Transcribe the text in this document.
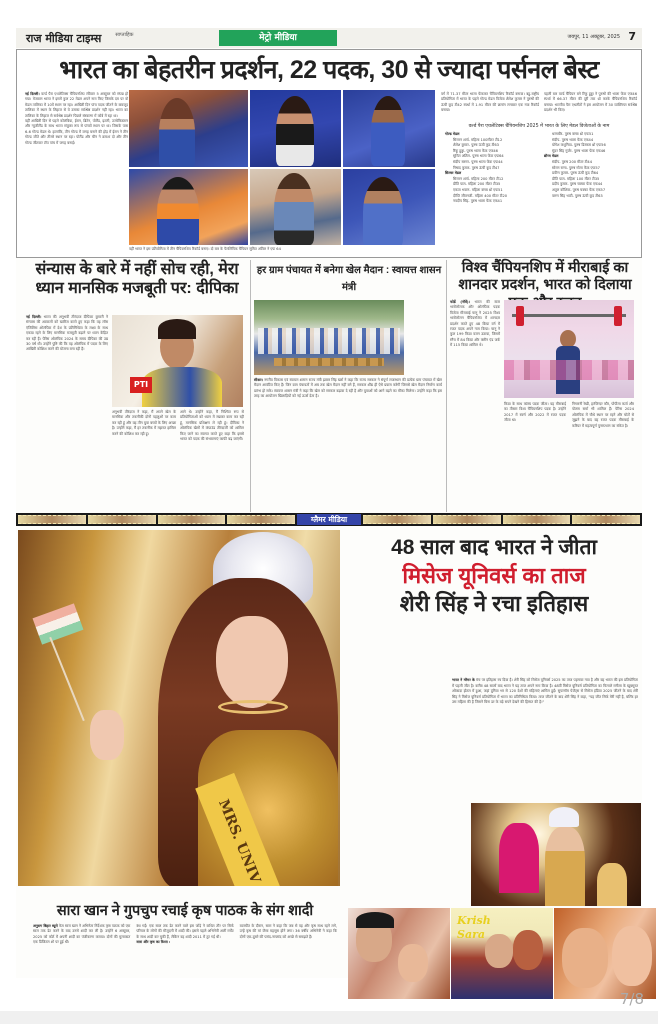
राज मीडिया टाइम्स	साप्ताहिक	मेट्रो मीडिया	जयपुर, 11 अक्टूबर, 2025 7
भारत का बेहतरीन प्रदर्शन, 22 पदक, 30 से ज्यादा पर्सनल बेस्ट
नई दिल्ली। वर्ल्ड पैरा एथलेटिक्स चैंपियनशिप रविवार 5 अक्टूबर को संपन्न हो गया। मेजबान भारत ने इसमें कुल 22 मेडल अपने नाम किए जिसके दम पर वो मेडल तालिका में 10वें स्थान पर रहा। आखिरी दिन पांच पदक जीतने के बावजूद तालिका में स्थान के लिहाज से ये उसका सर्वश्रेष्ठ प्रदर्शन नहीं रहा। भारत का तालिका के लिहाज से सर्वश्रेष्ठ प्रदर्शन पिछले संस्करण में कोबे में रहा था।
वहीं आखिरी दिन से पहले कोलंबिया, ईरान, ब्रिटेन, पोलैंड, इटली, उज्बेकिस्तान और न्यूजीलैंड के साथ भारत संयुक्त रूप से पांचवें स्थान पर था। जिसके पास 6-6 गोल्ड मेडल थे। हालांकि, तीन गोल्ड में जगह बनाने की होड़ में ईरान ने तीन गोल्ड जीते और तीसरे स्थान पर रहा। पोलैंड और चीन ने क्रमशः दो और तीन गोल्ड जीतकर टॉप पांच में जगह बनाई।
वहीं भारत ने इस प्रतियोगिता में तीन चैंपियनशिप रिकॉर्ड बनाए। दो बार के पैरालिंपिक चैंपियन सुमित अंतिल ने एफ 64
वर्ग में 71.37 मीटर भाला फेंककर चैंपियनशिप रिकॉर्ड बनाया। बहु-राष्ट्रीय प्रतियोगिता में भारत के पहले गोल्ड मेडल विजेता शैलेश कुमार ने पुरुषों की ऊंची कूद टी42 स्पर्धा में 1.91 मीटर की छलांग लगाकर एक नया रिकॉर्ड बनाया।
पहली बार वर्ल्ड चैंपियन बने रिंकू हुड्डा ने पुरुषों की भाला फेंक एफ46 स्पर्धा में 66.37 मीटर की दूरी तक थ्रो करके चैंपियनशिप रिकॉर्ड बनाया। भारतीय पैरा एथलीटों ने इस आयोजन में 30 व्यक्तिगत सर्वश्रेष्ठ प्रदर्शन भी किए।
वर्ल्ड पैरा एथलेटिक्स चैंपियनशिप 2025 में भारत के लिए मेडल विजेताओं के नाम
गोल्ड मेडल
सिमरन शर्मा- महिला 100मीटर टी12
शैलेश कुमार- पुरुष ऊंची कूद टी63
रिंकू हुड्डा- पुरुष भाला फेंक एफ46
सुमित अंतिल- पुरुष भाला फेंक एफ64
संदीप सरगर- पुरुष भाला फेंक एफ44
निषाद कुमार- पुरुष ऊंची कूद टी47
सिल्वर मेडल
सिमरन शर्मा- महिला 200 मीटर टी12
प्रीति पाल- महिला 200 मीटर टी35
एकता भयान- महिला क्लब थ्रो एफ51
दीप्ति जीवनजी- महिला 400 मीटर टी20
नवदीप सिंह- पुरुष भाला फेंक एफ41
धरमबीर- पुरुष क्लब थ्रो एफ51
संदीप- पुरुष भाला फेंक एफ44
योगेश कथूनिया- पुरुष डिस्कस थ्रो एफ56
सुंदर सिंह गुर्जर- पुरुष भाला फेंक एफ46
ब्रॉन्ज मेडल
संदीप- पुरुष 200 मीटर टी44
सोमन राणा- पुरुष गोला फेंक एफ57
प्रवीण कुमार- पुरुष ऊंची कूद टी64
प्रीति पाल- महिला 100 मीटर टी35
प्रदीप कुमार- पुरुष चक्का फेंक एफ44
अतुल कौशिक- पुरुष चक्का फेंक एफ57
वरुण सिंह भाटी- पुरुष ऊंची कूद टी63
संन्यास के बारे में नहीं सोच रही, मेरा ध्यान मानसिक मजबूती पर: दीपिका
नई दिल्ली। भारत की अनुभवी तीरंदाज दीपिका कुमारी ने संन्यास की अटकलों को खारिज करते हुए कहा कि वह लॉस एंजिलिस ओलंपिक में देश के प्रतिनिधित्व के लक्ष्य के साथ एकाग्र रहने के लिए मानसिक मजबूती बढ़ाने पर ध्यान केंद्रित कर रही हैं। पेरिस ओलंपिक 2024 के समय दीपिका की उम्र 30 वर्ष थी। उन्होंने पुष्टि की कि वह ओलंपिक में पदक के लिए आखिरी कोशिश करने की योजना बना रही हैं।
PTI
अनुभवी तीरंदाज ने कहा, मैं अपने खेल के मानसिक और तकनीकी दोनों पहलुओं पर काम कर रही हूं और यह तीन युवा बच्चों के लिए अच्छा है। उन्होंने कहा, मैं हर तकनीक में महारत हासिल करने की कोशिश कर रही हूं।
आगे थे। उन्होंने कहा, मैं निश्चित रूप से प्रतियोगिताओं को ध्यान में रखकर काम कर रही हूं, मानसिक प्रशिक्षण ले रही हूं। दीपिका ने ओलंपिक खेलों में कंपाउंड तीरंदाजी को शामिल किए जाने का स्वागत करते हुए कहा कि इससे भारत को पदक की संभावनाएं काफी बढ़ जाएंगी।
हर ग्राम पंचायत में बनेगा खेल मैदान : स्वायत्त शासन मंत्री
सीकर। नगरीय विकास एवं स्वायत्त शासन राज्य मंत्री झाबर सिंह खर्रा ने कहा कि राज्य सरकार ने संपूर्ण राजस्थान की प्रत्येक ग्राम पंचायत में खेल मैदान आवंटित किए हैं। जिन ग्राम पंचायतों में अब तक खेल मैदान नहीं बने हैं, सरकार शीघ्र ही ऐसे प्रयास करेगी जिससे खेल मैदान निर्माण कार्य प्रारंभ हो सके। स्वायत्त शासन मंत्री ने कहा कि खेल को सरकार बढ़ावा दे रही है और युवाओं को आगे बढ़ने का मौका मिलेगा। उन्होंने कहा कि इस तरह का आयोजन खिलाड़ियों को नई ऊर्जा देता है।
विश्व चैंपियनशिप में मीराबाई का शानदार प्रदर्शन, भारत को दिलाया
फोर्डे (नॉर्वे)। भारत की स्टार भारोत्तोलक और ओलंपिक पदक विजेता मीराबाई चानू ने 2025 विश्व भारोत्तोलन चैंपियनशिप में शानदार प्रदर्शन करते हुए 48 किग्रा वर्ग में रजत पदक अपने नाम किया। चानू ने कुल 199 किग्रा वजन उठाया, जिसमें स्नैच में 84 किग्रा और क्लीन एंड जर्क में 115 किग्रा शामिल थे।
किग्रा के साथ कांस्य पदक जीता। यह मीराबाई का तीसरा विश्व चैंपियनशिप पदक है। उन्होंने 2017 में स्वर्ण और 2022 में रजत पदक जीता था।
निगरानी रेखी, हरजिन्दर कौर, पोपीला कर्ता और पोलस सर्मा भी शामिल हैं। पेरिस 2024 ओलंपिक में चौथे स्थान पर रहने और चोटों से जूझने के बाद यह रजत पदक मीराबाई के करियर में महत्वपूर्ण पुनरुत्थान का संकेत है।
ग्लैमर मीडिया
MRS. UNIV
48 साल बाद भारत ने जीता
मिसेज यूनिवर्स का ताज
शेरी सिंह ने रचा इतिहास
भारत ने ग्लैमर के मंच पर इतिहास रच दिया है। शेरी सिंह को मिसेज यूनिवर्स 2025 का ताज पहनाया गया है और यह भारत की इस प्रतियोगिता में पहली जीत है। करीब 48 सालों बाद भारत ने यह ताज अपने नाम किया है। 48वीं मिसेज यूनिवर्स प्रतियोगिता का फिनाले मनीला के खूबसूरत ओकादा होटल में हुआ, जहां दुनिया भर से 120 देशों की महिलाएं शामिल हुईं। सुपरमॉम पेजेंट्स से मिसेज इंडिया 2025 जीतने के बाद शेरी सिंह ने मिसेज यूनिवर्स प्रतियोगिता में भारत का प्रतिनिधित्व किया। ताज जीतने के बाद शेरी सिंह ने कहा, "यह जीत सिर्फ मेरी नहीं है, बल्कि हर उस महिला की है जिसने बिना डर के बड़े सपने देखने की हिम्मत की है।"
सारा खान ने गुपचुप रचाई कृष पाठक के संग शादी
अनुराग बिहार ब्यूरो फेम सारा खान ने अभिनेता निर्देशक कृष पाठक को एक साल तक डेट करने के बाद उनसे शादी कर ली है। उन्होंने 6 अक्टूबर, 2025 को कोर्ट में अपनी शादी का पंजीकरण कराया। दोनों की मुलाकात एक डिजिटल शो पर हुई थी।
बंध गईं। एक साल तक डेट करने वाले इस जोड़े ने कथित तौर पर सिर्फ परिवार के लोगों की मौजूदगी में शादी की। इससे पहले अभिनेत्री अली मर्चेंट के साथ शादी कर चुकी हैं, लेकिन वह शादी 2011 में टूट गई थी।
सारा और कृष का रिश्ता :
बातचीत के दौरान, सारा ने कहा कि जब से वह और कृष साथ रहने लगे, उन्हें कृष की मां जैसा महसूस होने लगा। 36 वर्षीय अभिनेत्री ने कहा कि दोनों एक-दूसरे की पसंद-नापसंद को अच्छे से समझते हैं।
Krish Sara
7/8
